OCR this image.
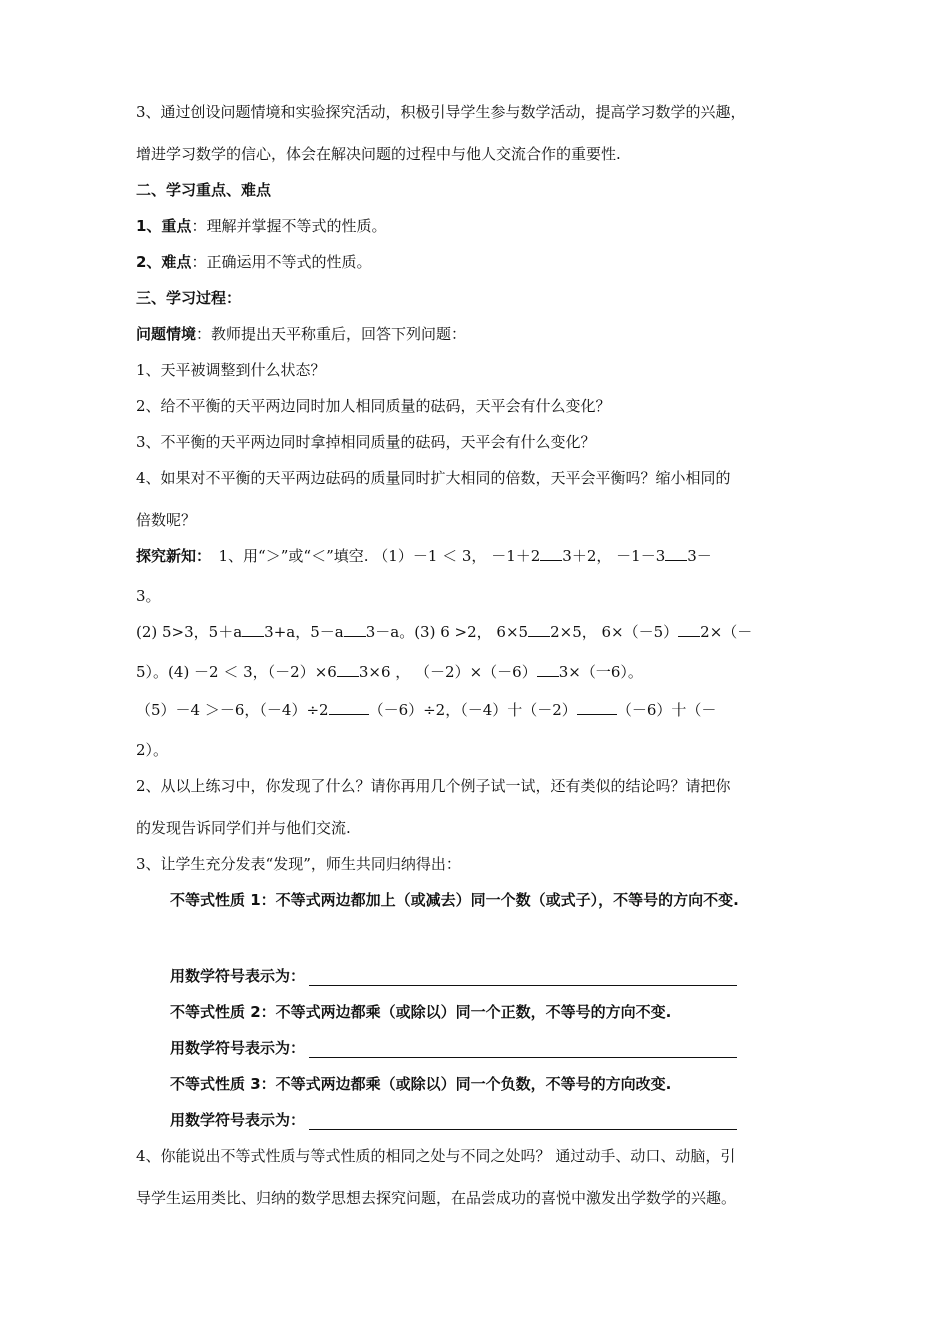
3、通过创设问题情境和实验探究活动，积极引导学生参与数学活动，提高学习数学的兴趣，
增进学习数学的信心，体会在解决问题的过程中与他人交流合作的重要性.
二、学习重点、难点
1、重点：理解并掌握不等式的性质。
2、难点：正确运用不等式的性质。
三、学习过程：
问题情境：教师提出天平称重后，回答下列问题：
1、天平被调整到什么状态？
2、给不平衡的天平两边同时加人相同质量的砝码，天平会有什么变化？
3、不平衡的天平两边同时拿掉相同质量的砝码，天平会有什么变化？
4、如果对不平衡的天平两边砝码的质量同时扩大相同的倍数，天平会平衡吗？缩小相同的
倍数呢？
探究新知：　1、用“＞”或“＜”填空. （1）－1 ＜ 3， －1＋2 3＋2， －1－3 3－
3。
(2) 5>3，5＋a 3+a，5－a 3－a。(3) 6 >2， 6×5 2×5， 6×（－5） 2×（－
5）。(4) －2 ＜ 3，（－2）×6 3×6 ， （－2）×（－6） 3×（一6）。
（5）－4 ＞－6，（－4）÷2	（－6）÷2，（－4）十（－2）	（－6）十（－
2）。
2、从以上练习中，你发现了什么？请你再用几个例子试一试，还有类似的结论吗？请把你
的发现告诉同学们并与他们交流.
3、让学生充分发表“发现”，师生共同归纳得出：
不等式性质 1：不等式两边都加上（或减去）同一个数（或式子），不等号的方向不变.
用数学符号表示为：
不等式性质 2：不等式两边都乘（或除以）同一个正数，不等号的方向不变.
用数学符号表示为：
不等式性质 3：不等式两边都乘（或除以）同一个负数，不等号的方向改变.
用数学符号表示为：
4、你能说出不等式性质与等式性质的相同之处与不同之处吗？ 通过动手、动口、动脑，引
导学生运用类比、归纳的数学思想去探究问题，在品尝成功的喜悦中激发出学数学的兴趣。
